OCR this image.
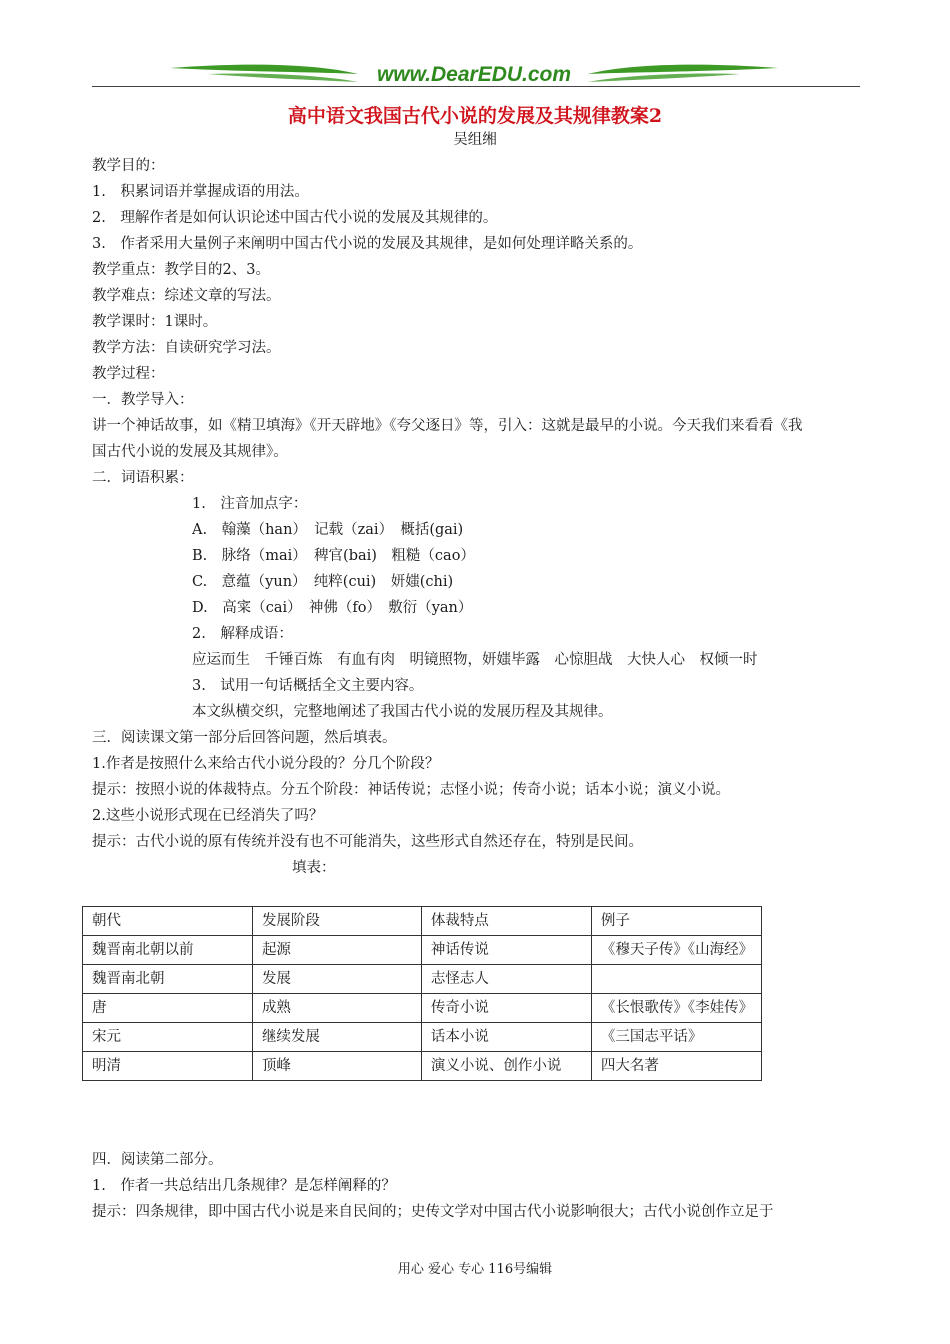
www.DearEDU.com
高中语文我国古代小说的发展及其规律教案2
吴组缃
教学目的：
1.　积累词语并掌握成语的用法。
2.　理解作者是如何认识论述中国古代小说的发展及其规律的。
3.　作者采用大量例子来阐明中国古代小说的发展及其规律，是如何处理详略关系的。
教学重点：教学目的2、3。
教学难点：综述文章的写法。
教学课时：1课时。
教学方法：自读研究学习法。
教学过程：
一．教学导入：
讲一个神话故事，如《精卫填海》《开天辟地》《夸父逐日》等，引入：这就是最早的小说。今天我们来看看《我
国古代小说的发展及其规律》。
二．词语积累：
1.　注音加点字：
A.　翰藻（han）　记载（zai）　概括(gai)
B.　脉络（mai）　稗官(bai)　粗糙（cao）
C.　意蕴（yun）　纯粹(cui)　妍媸(chi)
D.　高寀（cai）　神佛（fo）　敷衍（yan）
2.　解释成语：
应运而生　千锤百炼　有血有肉　明镜照物，妍媸毕露　心惊胆战　大快人心　权倾一时
3.　试用一句话概括全文主要内容。
本文纵横交织，完整地阐述了我国古代小说的发展历程及其规律。
三．阅读课文第一部分后回答问题，然后填表。
1.作者是按照什么来给古代小说分段的？分几个阶段？
提示：按照小说的体裁特点。分五个阶段：神话传说；志怪小说；传奇小说；话本小说；演义小说。
2.这些小说形式现在已经消失了吗？
提示：古代小说的原有传统并没有也不可能消失，这些形式自然还存在，特别是民间。
填表：
朝代	发展阶段	体裁特点	例子
魏晋南北朝以前	起源	神话传说	《穆天子传》《山海经》
魏晋南北朝	发展	志怪志人	
唐	成熟	传奇小说	《长恨歌传》《李娃传》
宋元	继续发展	话本小说	《三国志平话》
明清	顶峰	演义小说、创作小说	四大名著
四．阅读第二部分。
1.　作者一共总结出几条规律？是怎样阐释的？
提示：四条规律，即中国古代小说是来自民间的；史传文学对中国古代小说影响很大；古代小说创作立足于
用心 爱心 专心 116号编辑
